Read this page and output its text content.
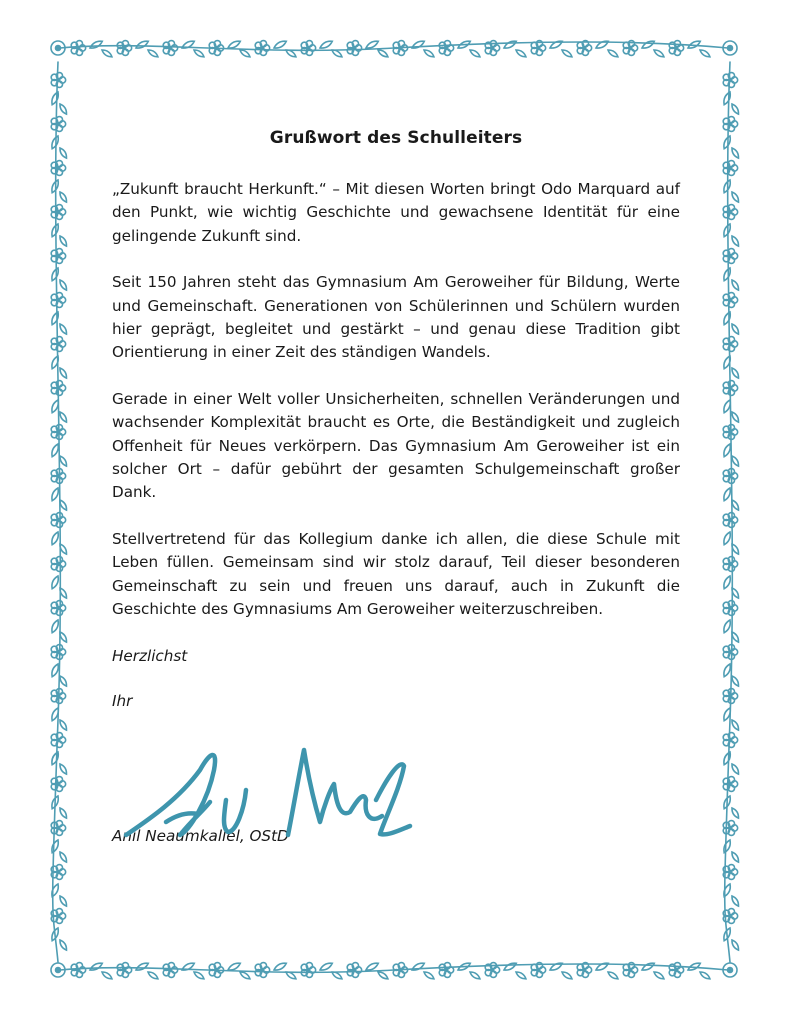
Grußwort des Schulleiters

„Zukunft braucht Herkunft.“ – Mit diesen Worten bringt Odo Marquard auf den Punkt, wie wichtig Geschichte und gewachsene Identität für eine gelingende Zukunft sind.

Seit 150 Jahren steht das Gymnasium Am Geroweiher für Bildung, Werte und Gemeinschaft. Generationen von Schülerinnen und Schülern wurden hier geprägt, begleitet und gestärkt – und genau diese Tradition gibt Orientierung in einer Zeit des ständigen Wandels.

Gerade in einer Welt voller Unsicherheiten, schnellen Veränderungen und wachsender Komplexität braucht es Orte, die Beständigkeit und zugleich Offenheit für Neues verkörpern. Das Gymnasium Am Geroweiher ist ein solcher Ort – dafür gebührt der gesamten Schulgemeinschaft großer Dank.

Stellvertretend für das Kollegium danke ich allen, die diese Schule mit Leben füllen. Gemeinsam sind wir stolz darauf, Teil dieser besonderen Gemeinschaft zu sein und freuen uns darauf, auch in Zukunft die Geschichte des Gymnasiums Am Geroweiher weiterzuschreiben.

Herzlichst

Ihr

Anil Neaumkallel, OStD
